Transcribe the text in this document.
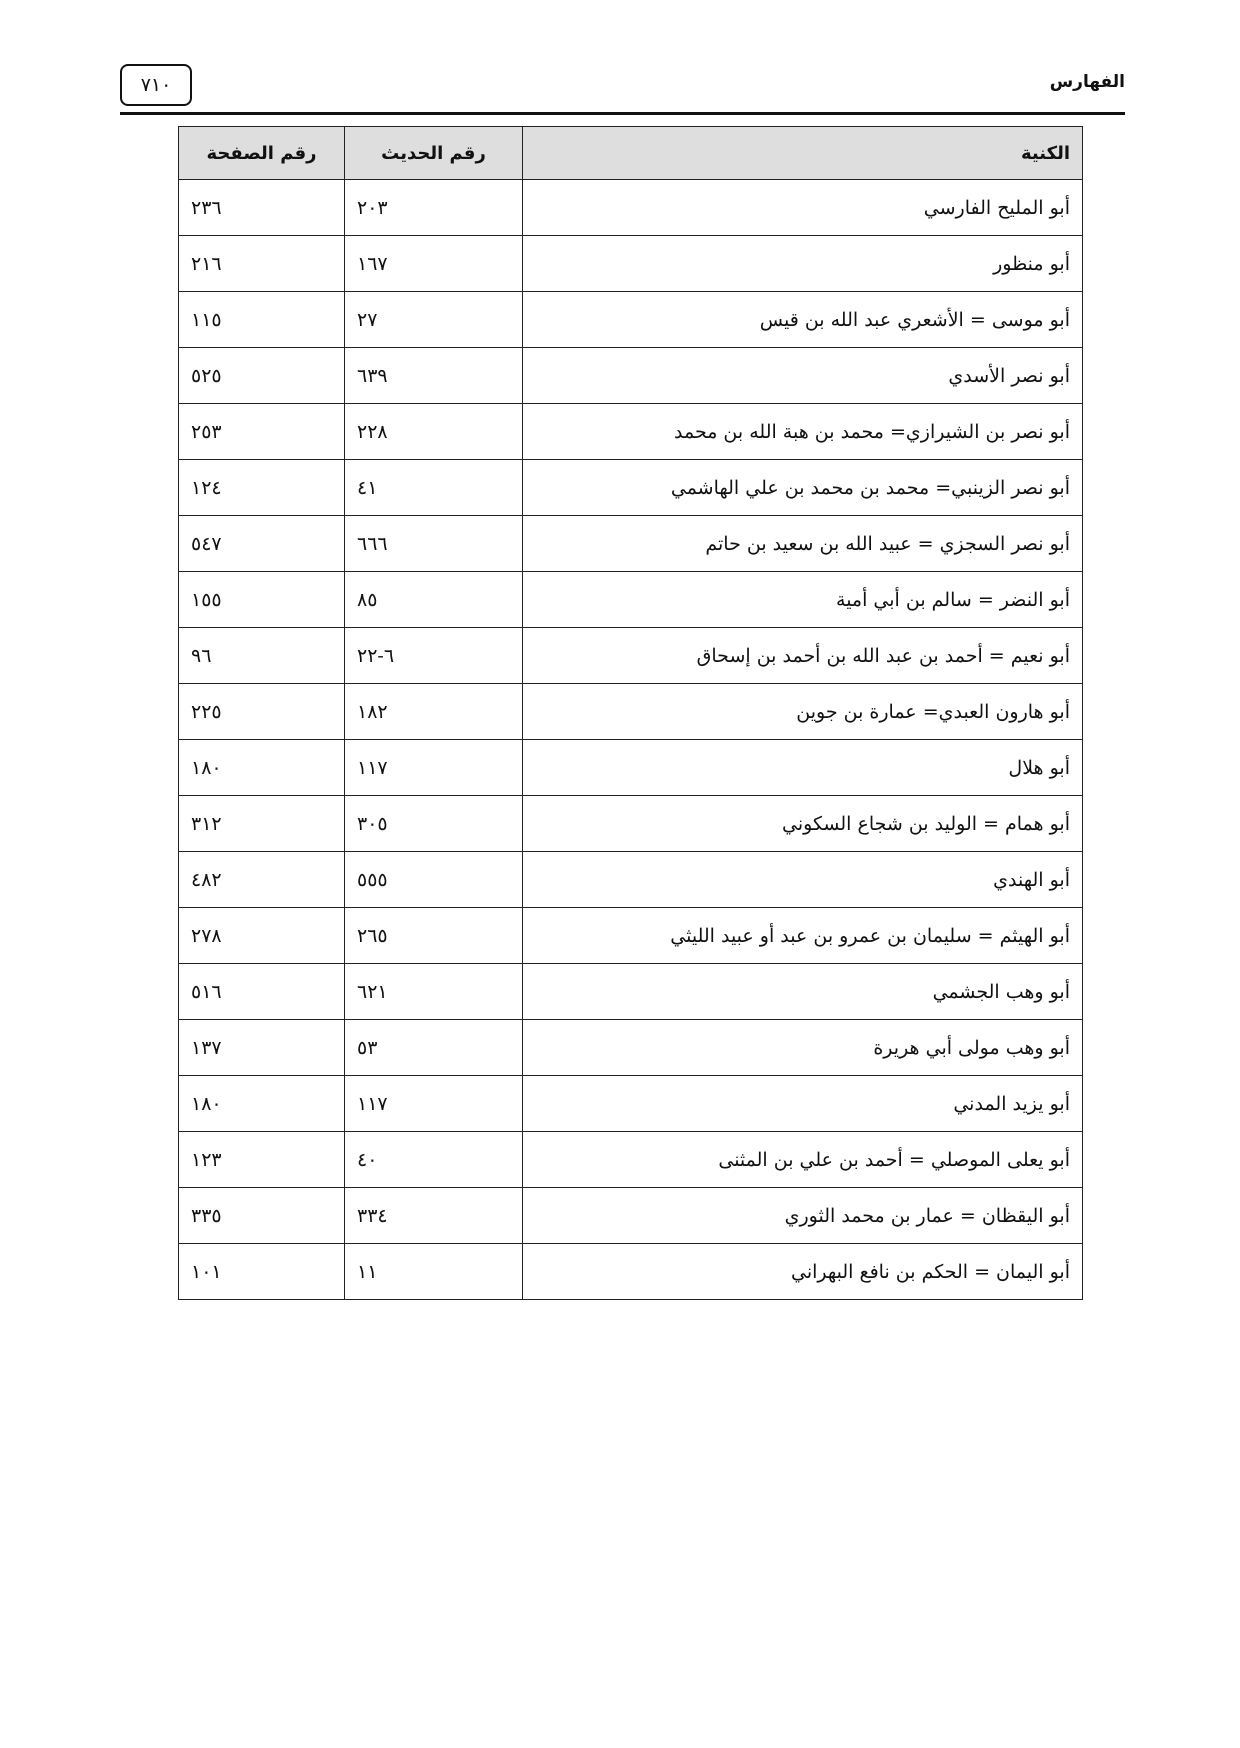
٧١٠	الفهارس
الكنية	رقم الحديث	رقم الصفحة
أبو المليح الفارسي	٢٠٣	٢٣٦
أبو منظور	١٦٧	٢١٦
أبو موسى = الأشعري عبد الله بن قيس	٢٧	١١٥
أبو نصر الأسدي	٦٣٩	٥٢٥
أبو نصر بن الشيرازي= محمد بن هبة الله بن محمد	٢٢٨	٢٥٣
أبو نصر الزينبي= محمد بن محمد بن علي الهاشمي	٤١	١٢٤
أبو نصر السجزي = عبيد الله بن سعيد بن حاتم	٦٦٦	٥٤٧
أبو النضر = سالم بن أبي أمية	٨٥	١٥٥
أبو نعيم = أحمد بن عبد الله بن أحمد بن إسحاق	٦-٢٢	٩٦
أبو هارون العبدي= عمارة بن جوين	١٨٢	٢٢٥
أبو هلال	١١٧	١٨٠
أبو همام = الوليد بن شجاع السكوني	٣٠٥	٣١٢
أبو الهندي	٥٥٥	٤٨٢
أبو الهيثم = سليمان بن عمرو بن عبد أو عبيد الليثي	٢٦٥	٢٧٨
أبو وهب الجشمي	٦٢١	٥١٦
أبو وهب مولى أبي هريرة	٥٣	١٣٧
أبو يزيد المدني	١١٧	١٨٠
أبو يعلى الموصلي = أحمد بن علي بن المثنى	٤٠	١٢٣
أبو اليقظان = عمار بن محمد الثوري	٣٣٤	٣٣٥
أبو اليمان = الحكم بن نافع البهراني	١١	١٠١
